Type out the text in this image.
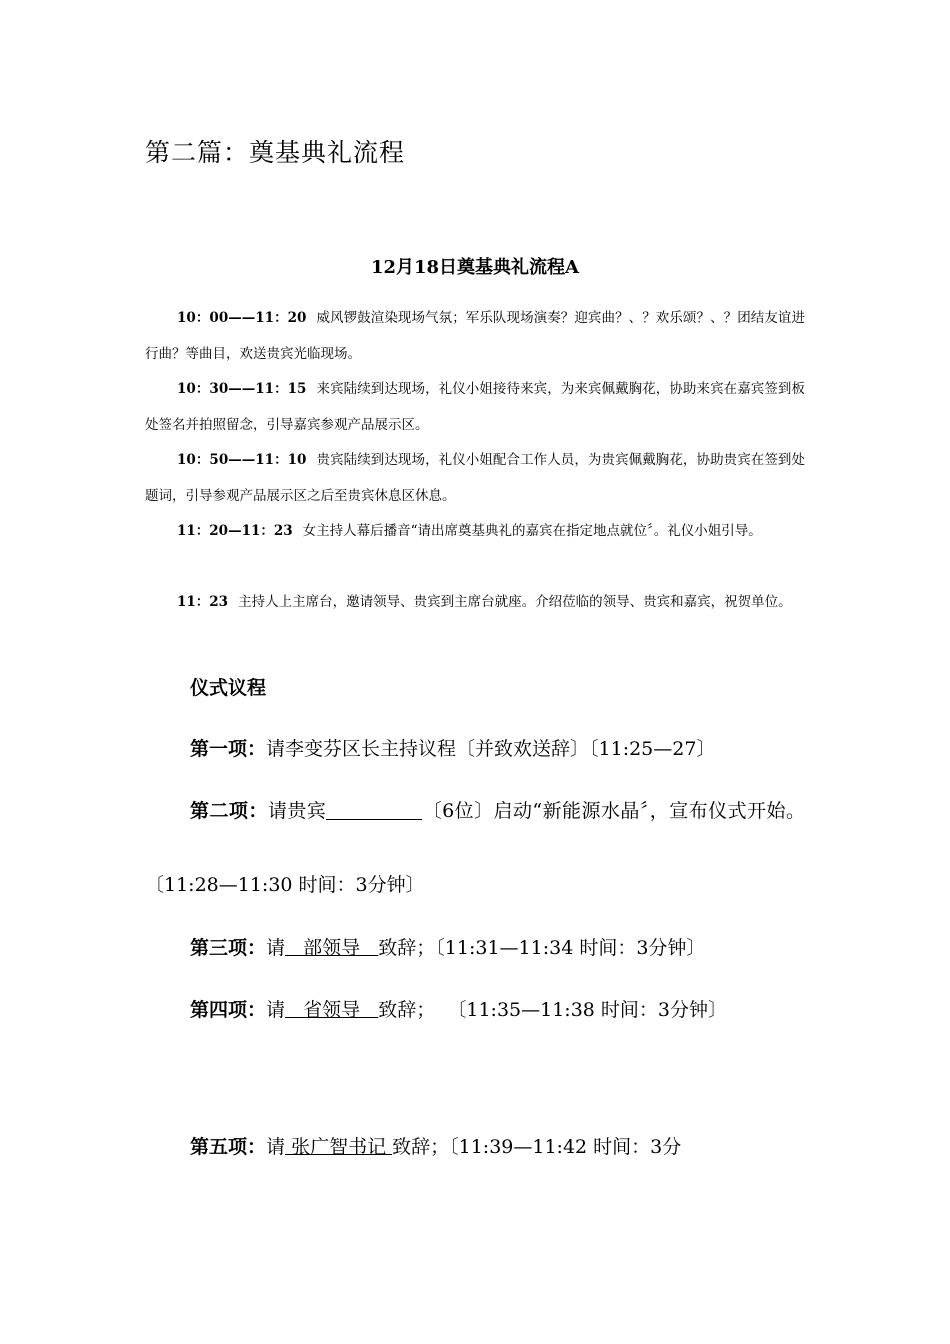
第二篇：奠基典礼流程
12月18日奠基典礼流程A

10：00——11：20 威风锣鼓渲染现场气氛；军乐队现场演奏？迎宾曲？、？欢乐颂？、？团结友谊进行曲？等曲目，欢送贵宾光临现场。

10：30——11：15 来宾陆续到达现场，礼仪小姐接待来宾，为来宾佩戴胸花，协助来宾在嘉宾签到板处签名并拍照留念，引导嘉宾参观产品展示区。

10：50——11：10 贵宾陆续到达现场，礼仪小姐配合工作人员，为贵宾佩戴胸花，协助贵宾在签到处题词，引导参观产品展示区之后至贵宾休息区休息。

11：20—11：23 女主持人幕后播音“请出席奠基典礼的嘉宾在指定地点就位〞。礼仪小姐引导。

11：23 主持人上主席台，邀请领导、贵宾到主席台就座。介绍莅临的领导、贵宾和嘉宾，祝贺单位。

仪式议程

第一项：请李变芬区长主持议程〔并致欢送辞〕〔11:25—27〕

第二项：请贵宾	〔6位〕启动“新能源水晶〞，宣布仪式开始。〔11:28—11:30 时间：3分钟〕

第三项：请   部领导   致辞；〔11:31—11:34 时间：3分钟〕

第四项：请   省领导   致辞；  〔11:35—11:38 时间：3分钟〕

第五项：请 张广智书记 致辞；〔11:39—11:42 时间：3分
